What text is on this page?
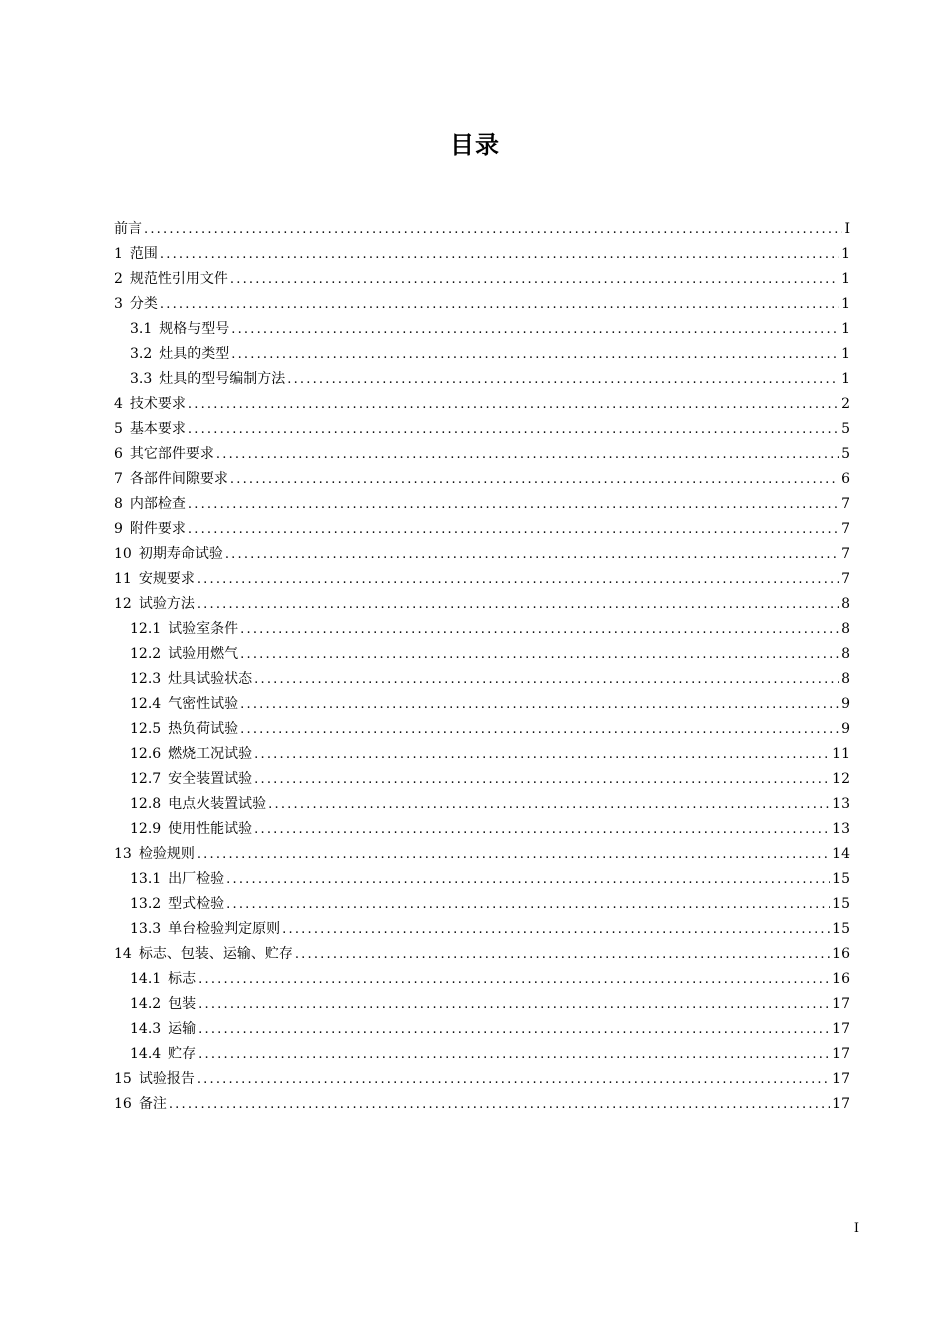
目录
前言 .....	I
1 范围 .....	1
2 规范性引用文件 .....	1
3 分类 .....	1
3.1 规格与型号 .....	1
3.2 灶具的类型 .....	1
3.3 灶具的型号编制方法 .....	1
4 技术要求 .....	2
5 基本要求 .....	5
6 其它部件要求 .....	5
7 各部件间隙要求 .....	6
8 内部检查 .....	7
9 附件要求 .....	7
10 初期寿命试验 .....	7
11 安规要求 .....	7
12 试验方法 .....	8
12.1 试验室条件 .....	8
12.2 试验用燃气 .....	8
12.3 灶具试验状态 .....	8
12.4 气密性试验 .....	9
12.5 热负荷试验 .....	9
12.6 燃烧工况试验 .....	11
12.7 安全装置试验 .....	12
12.8 电点火装置试验 .....	13
12.9 使用性能试验 .....	13
13 检验规则 .....	14
13.1 出厂检验 .....	15
13.2 型式检验 .....	15
13.3 单台检验判定原则 .....	15
14 标志、包装、运输、贮存 .....	16
14.1 标志 .....	16
14.2 包装 .....	17
14.3 运输 .....	17
14.4 贮存 .....	17
15 试验报告 .....	17
16 备注 .....	17
I
